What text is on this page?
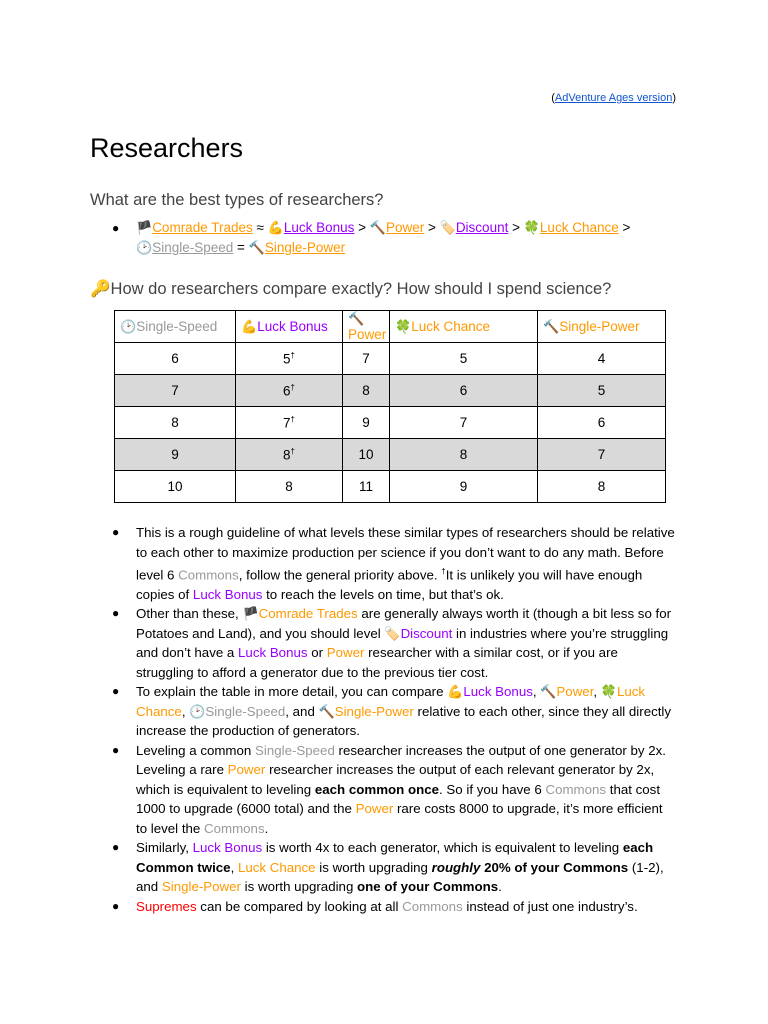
(AdVenture Ages version)
Researchers
What are the best types of researchers?
● 🏴Comrade Trades ≈ 💪Luck Bonus > 🔨Power > 🏷️Discount > 🍀Luck Chance >
🕑Single-Speed = 🔨Single-Power
🔑How do researchers compare exactly? How should I spend science?
🕑Single-Speed	💪Luck Bonus	🔨Power	🍀Luck Chance	🔨Single-Power
6	5†	7	5	4
7	6†	8	6	5
8	7†	9	7	6
9	8†	10	8	7
10	8	11	9	8
● This is a rough guideline of what levels these similar types of researchers should be relative to each other to maximize production per science if you don’t want to do any math. Before level 6 Commons, follow the general priority above. †It is unlikely you will have enough copies of Luck Bonus to reach the levels on time, but that’s ok.
● Other than these, 🏴Comrade Trades are generally always worth it (though a bit less so for Potatoes and Land), and you should level 🏷️Discount in industries where you’re struggling and don’t have a Luck Bonus or Power researcher with a similar cost, or if you are struggling to afford a generator due to the previous tier cost.
● To explain the table in more detail, you can compare 💪Luck Bonus, 🔨Power, 🍀Luck Chance, 🕑Single-Speed, and 🔨Single-Power relative to each other, since they all directly increase the production of generators.
● Leveling a common Single-Speed researcher increases the output of one generator by 2x. Leveling a rare Power researcher increases the output of each relevant generator by 2x, which is equivalent to leveling each common once. So if you have 6 Commons that cost 1000 to upgrade (6000 total) and the Power rare costs 8000 to upgrade, it’s more efficient to level the Commons.
● Similarly, Luck Bonus is worth 4x to each generator, which is equivalent to leveling each Common twice, Luck Chance is worth upgrading roughly 20% of your Commons (1-2), and Single-Power is worth upgrading one of your Commons.
● Supremes can be compared by looking at all Commons instead of just one industry’s.
